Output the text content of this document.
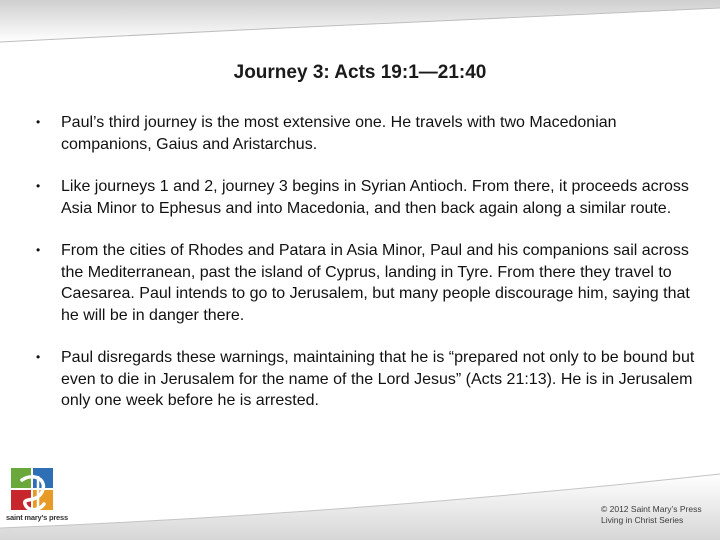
Journey 3: Acts 19:1—21:40
•	Paul’s third journey is the most extensive one. He travels with two Macedonian companions, Gaius and Aristarchus.
•	Like journeys 1 and 2, journey 3 begins in Syrian Antioch. From there, it proceeds across Asia Minor to Ephesus and into Macedonia, and then back again along a similar route.
•	From the cities of Rhodes and Patara in Asia Minor, Paul and his companions sail across the Mediterranean, past the island of Cyprus, landing in Tyre. From there they travel to Caesarea. Paul intends to go to Jerusalem, but many people discourage him, saying that he will be in danger there.
•	Paul disregards these warnings, maintaining that he is “prepared not only to be bound but even to die in Jerusalem for the name of the Lord Jesus” (Acts 21:13). He is in Jerusalem only one week before he is arrested.
saint mary's press
© 2012 Saint Mary’s Press
Living in Christ Series
